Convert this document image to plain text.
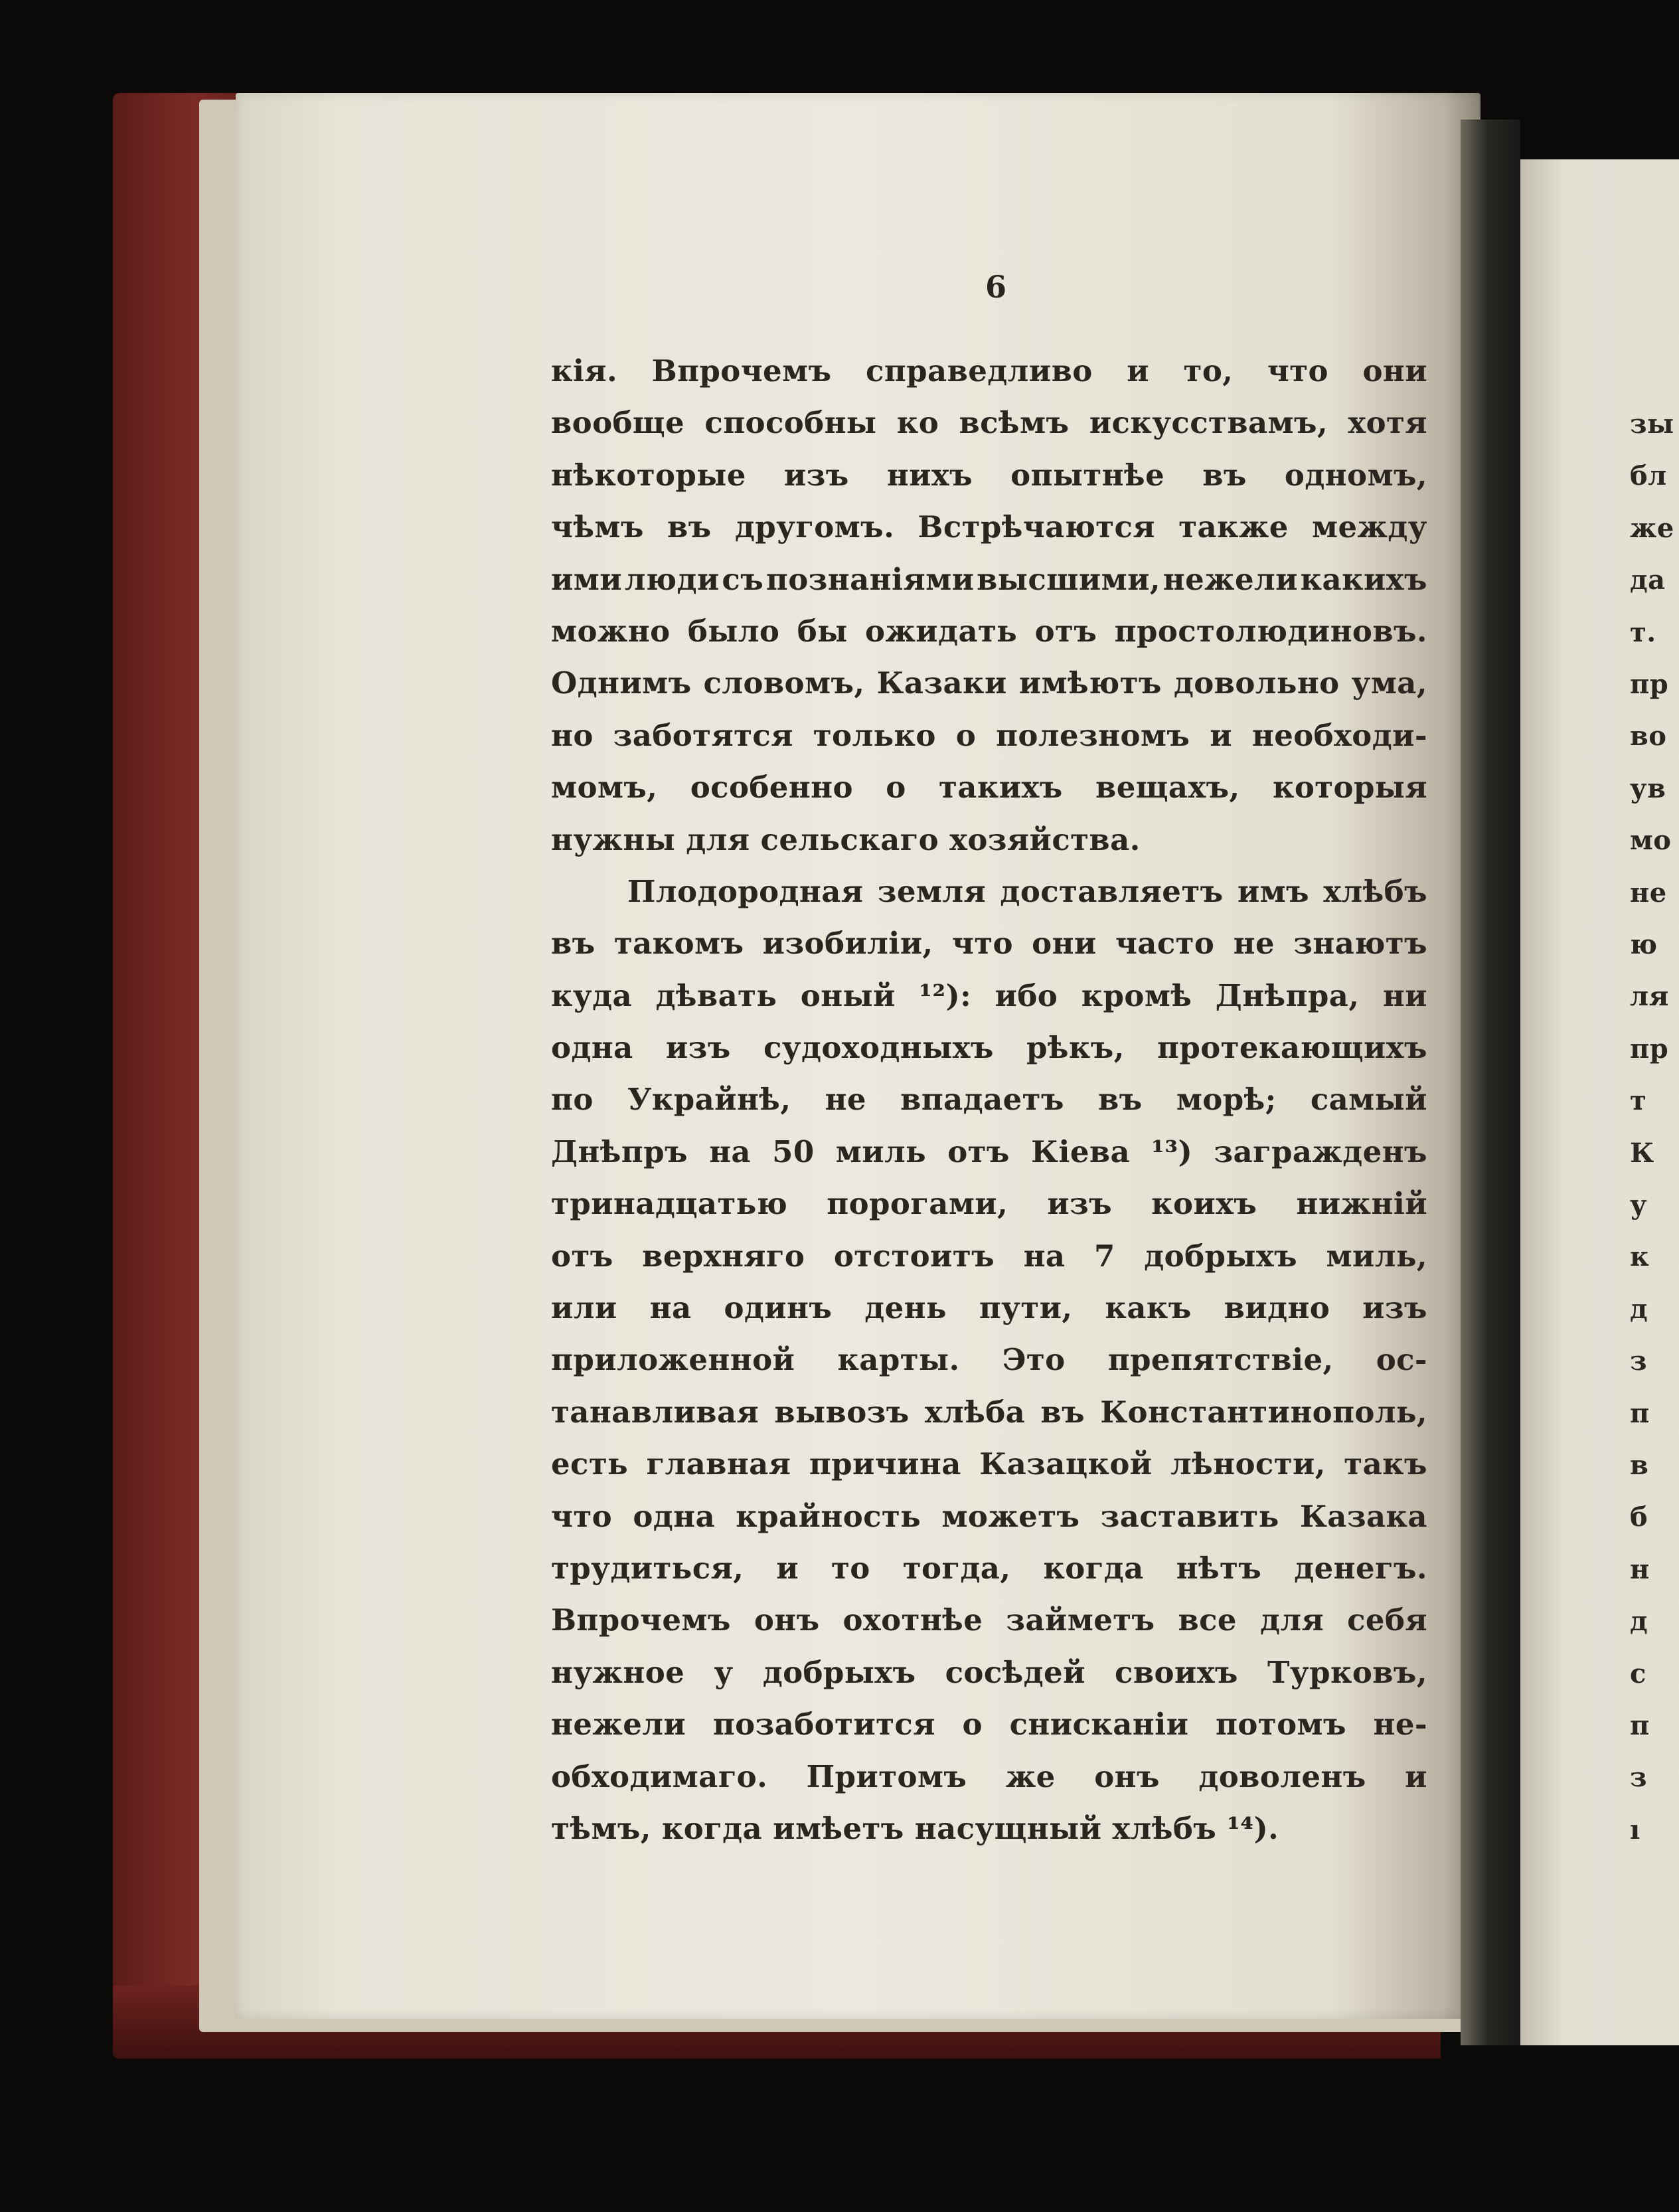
6
кія. Впрочемъ справедливо и то, что они
вообще способны ко всѣмъ искусствамъ, хотя
нѣкоторые изъ нихъ опытнѣе въ одномъ,
чѣмъ въ другомъ. Встрѣчаются также между
ими люди съ познаніями высшими, нежели какихъ
можно было бы ожидать отъ простолюдиновъ.
Однимъ словомъ, Казаки имѣютъ довольно ума,
но заботятся только о полезномъ и необходи-
момъ, особенно о такихъ вещахъ, которыя
нужны для сельскаго хозяйства.
Плодородная земля доставляетъ имъ хлѣбъ
въ такомъ изобиліи, что они часто не знаютъ
куда дѣвать оный ¹²): ибо кромѣ Днѣпра, ни
одна изъ судоходныхъ рѣкъ, протекающихъ
по Украйнѣ, не впадаетъ въ морѣ; самый
Днѣпръ на 50 миль отъ Кіева ¹³) загражденъ
тринадцатью порогами, изъ коихъ нижній
отъ верхняго отстоитъ на 7 добрыхъ миль,
или на одинъ день пути, какъ видно изъ
приложенной карты. Это препятствіе, ос-
танавливая вывозъ хлѣба въ Константинополь,
есть главная причина Казацкой лѣности, такъ
что одна крайность можетъ заставить Казака
трудиться, и то тогда, когда нѣтъ денегъ.
Впрочемъ онъ охотнѣе займетъ все для себя
нужное у добрыхъ сосѣдей своихъ Турковъ,
нежели позаботится о снисканіи потомъ не-
обходимаго. Притомъ же онъ доволенъ и
тѣмъ, когда имѣетъ насущный хлѣбъ ¹⁴).
зы
бл
же
да
т.
пр
во
ув
мо
не
ю
ля
пр
т
К
у
к
д
з
п
в
б
н
д
с
п
з
ı
